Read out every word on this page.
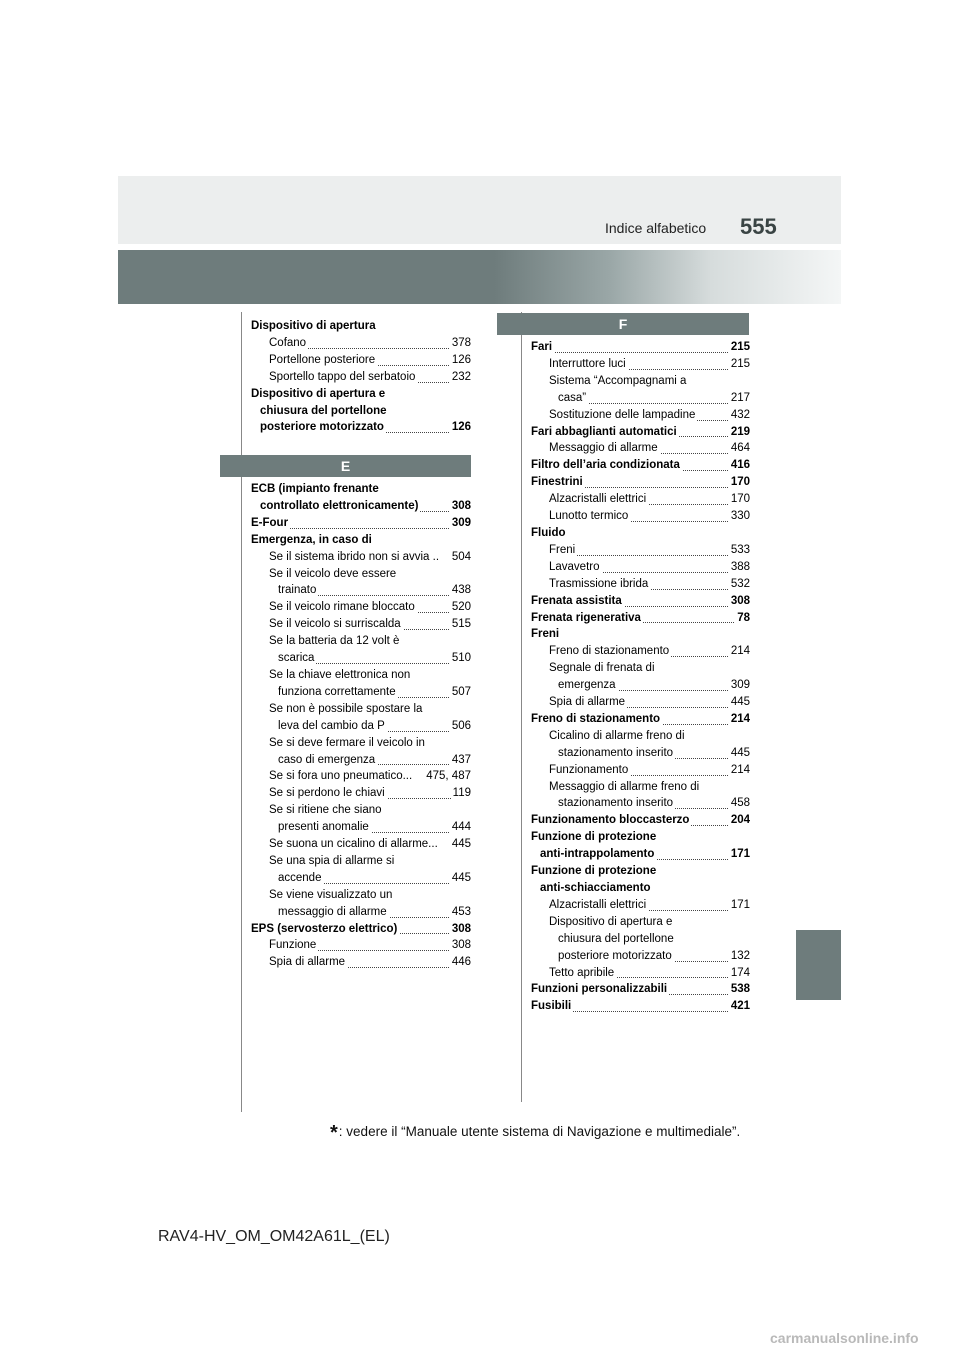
Indice alfabetico 555
Dispositivo di apertura
Cofano	378
Portellone posteriore	126
Sportello tappo del serbatoio	232
Dispositivo di apertura e
chiusura del portellone
posteriore motorizzato	126
E
ECB (impianto frenante
controllato elettronicamente)	308
E-Four	309
Emergenza, in caso di
Se il sistema ibrido non si avvia .. 504
Se il veicolo deve essere
trainato	438
Se il veicolo rimane bloccato	520
Se il veicolo si surriscalda	515
Se la batteria da 12 volt è
scarica	510
Se la chiave elettronica non
funziona correttamente	507
Se non è possibile spostare la
leva del cambio da P	506
Se si deve fermare il veicolo in
caso di emergenza	437
Se si fora uno pneumatico... 475, 487
Se si perdono le chiavi	119
Se si ritiene che siano
presenti anomalie	444
Se suona un cicalino di allarme... 445
Se una spia di allarme si
accende	445
Se viene visualizzato un
messaggio di allarme	453
EPS (servosterzo elettrico)	308
Funzione	308
Spia di allarme	446
F
Fari	215
Interruttore luci	215
Sistema “Accompagnami a
casa”	217
Sostituzione delle lampadine	432
Fari abbaglianti automatici	219
Messaggio di allarme	464
Filtro dell’aria condizionata	416
Finestrini	170
Alzacristalli elettrici	170
Lunotto termico	330
Fluido
Freni	533
Lavavetro	388
Trasmissione ibrida	532
Frenata assistita	308
Frenata rigenerativa	78
Freni
Freno di stazionamento	214
Segnale di frenata di
emergenza	309
Spia di allarme	445
Freno di stazionamento	214
Cicalino di allarme freno di
stazionamento inserito	445
Funzionamento	214
Messaggio di allarme freno di
stazionamento inserito	458
Funzionamento bloccasterzo	204
Funzione di protezione
anti-intrappolamento	171
Funzione di protezione
anti-schiacciamento
Alzacristalli elettrici	171
Dispositivo di apertura e
chiusura del portellone
posteriore motorizzato	132
Tetto apribile	174
Funzioni personalizzabili	538
Fusibili	421
*: vedere il “Manuale utente sistema di Navigazione e multimediale”.
RAV4-HV_OM_OM42A61L_(EL)
carmanualsonline.info
